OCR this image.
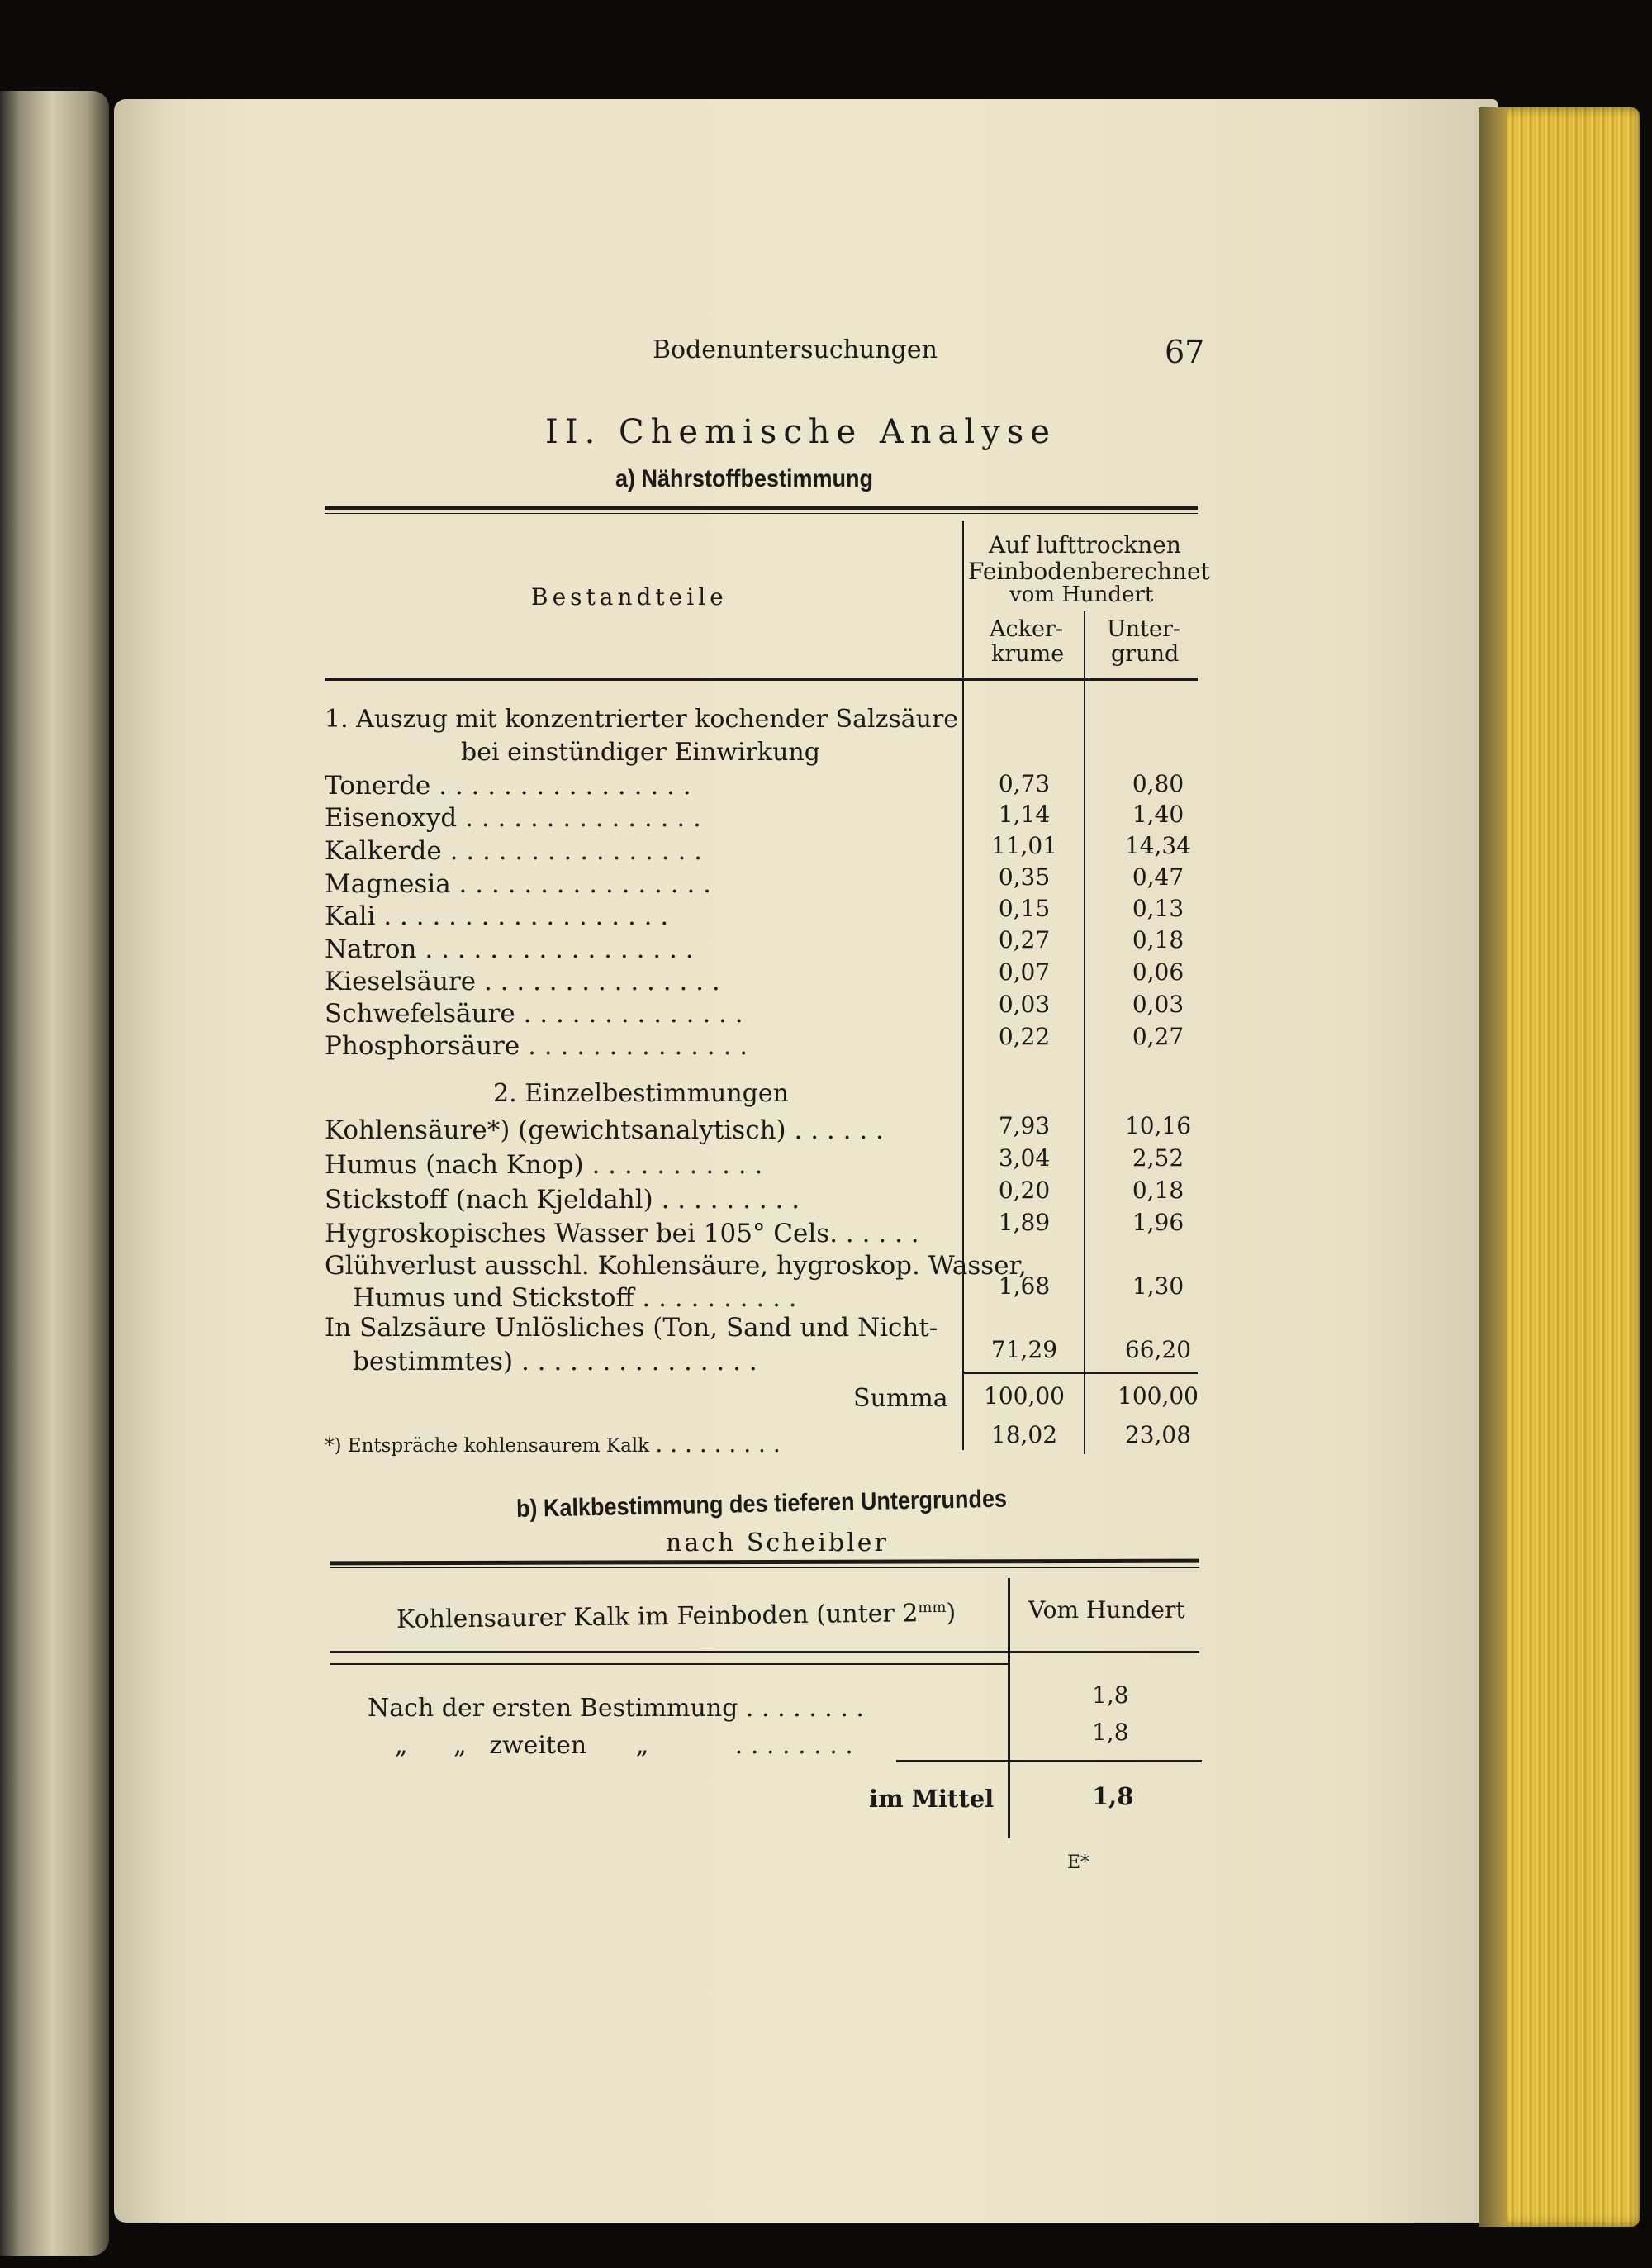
Bodenuntersuchungen	67
II. Chemische Analyse
a) Nährstoffbestimmung
Bestandteile
Auf lufttrocknen
Feinbodenberechnet
vom Hundert
Acker-
krume
Unter-
grund
1. Auszug mit konzentrierter kochender Salzsäure
bei einstündiger Einwirkung
Tonerde . . . . . . . . . . . . . . . .	0,73	0,80
Eisenoxyd . . . . . . . . . . . . . . .	1,14	1,40
Kalkerde . . . . . . . . . . . . . . . .	11,01	14,34
Magnesia . . . . . . . . . . . . . . . .	0,35	0,47
Kali . . . . . . . . . . . . . . . . . .	0,15	0,13
Natron . . . . . . . . . . . . . . . . .	0,27	0,18
Kieselsäure . . . . . . . . . . . . . . .	0,07	0,06
Schwefelsäure . . . . . . . . . . . . . .	0,03	0,03
Phosphorsäure . . . . . . . . . . . . . .	0,22	0,27
2. Einzelbestimmungen
Kohlensäure*) (gewichtsanalytisch) . . . . . .	7,93	10,16
Humus (nach Knop) . . . . . . . . . . .	3,04	2,52
Stickstoff (nach Kjeldahl) . . . . . . . . .	0,20	0,18
Hygroskopisches Wasser bei 105° Cels. . . . . .	1,89	1,96
Glühverlust ausschl. Kohlensäure, hygroskop. Wasser,
Humus und Stickstoff . . . . . . . . . .	1,68	1,30
In Salzsäure Unlösliches (Ton, Sand und Nicht-
bestimmtes) . . . . . . . . . . . . . . .	71,29	66,20
Summa	100,00	100,00
*) Entspräche kohlensaurem Kalk . . . . . . . . .	18,02	23,08
b) Kalkbestimmung des tieferen Untergrundes
nach Scheibler
Kohlensaurer Kalk im Feinboden (unter $2^{mm}$)	Vom Hundert
Nach der ersten Bestimmung . . . . . . . .	1,8
„ „ zweiten „	. . . . . . . .	1,8
im Mittel	1,8
E*
